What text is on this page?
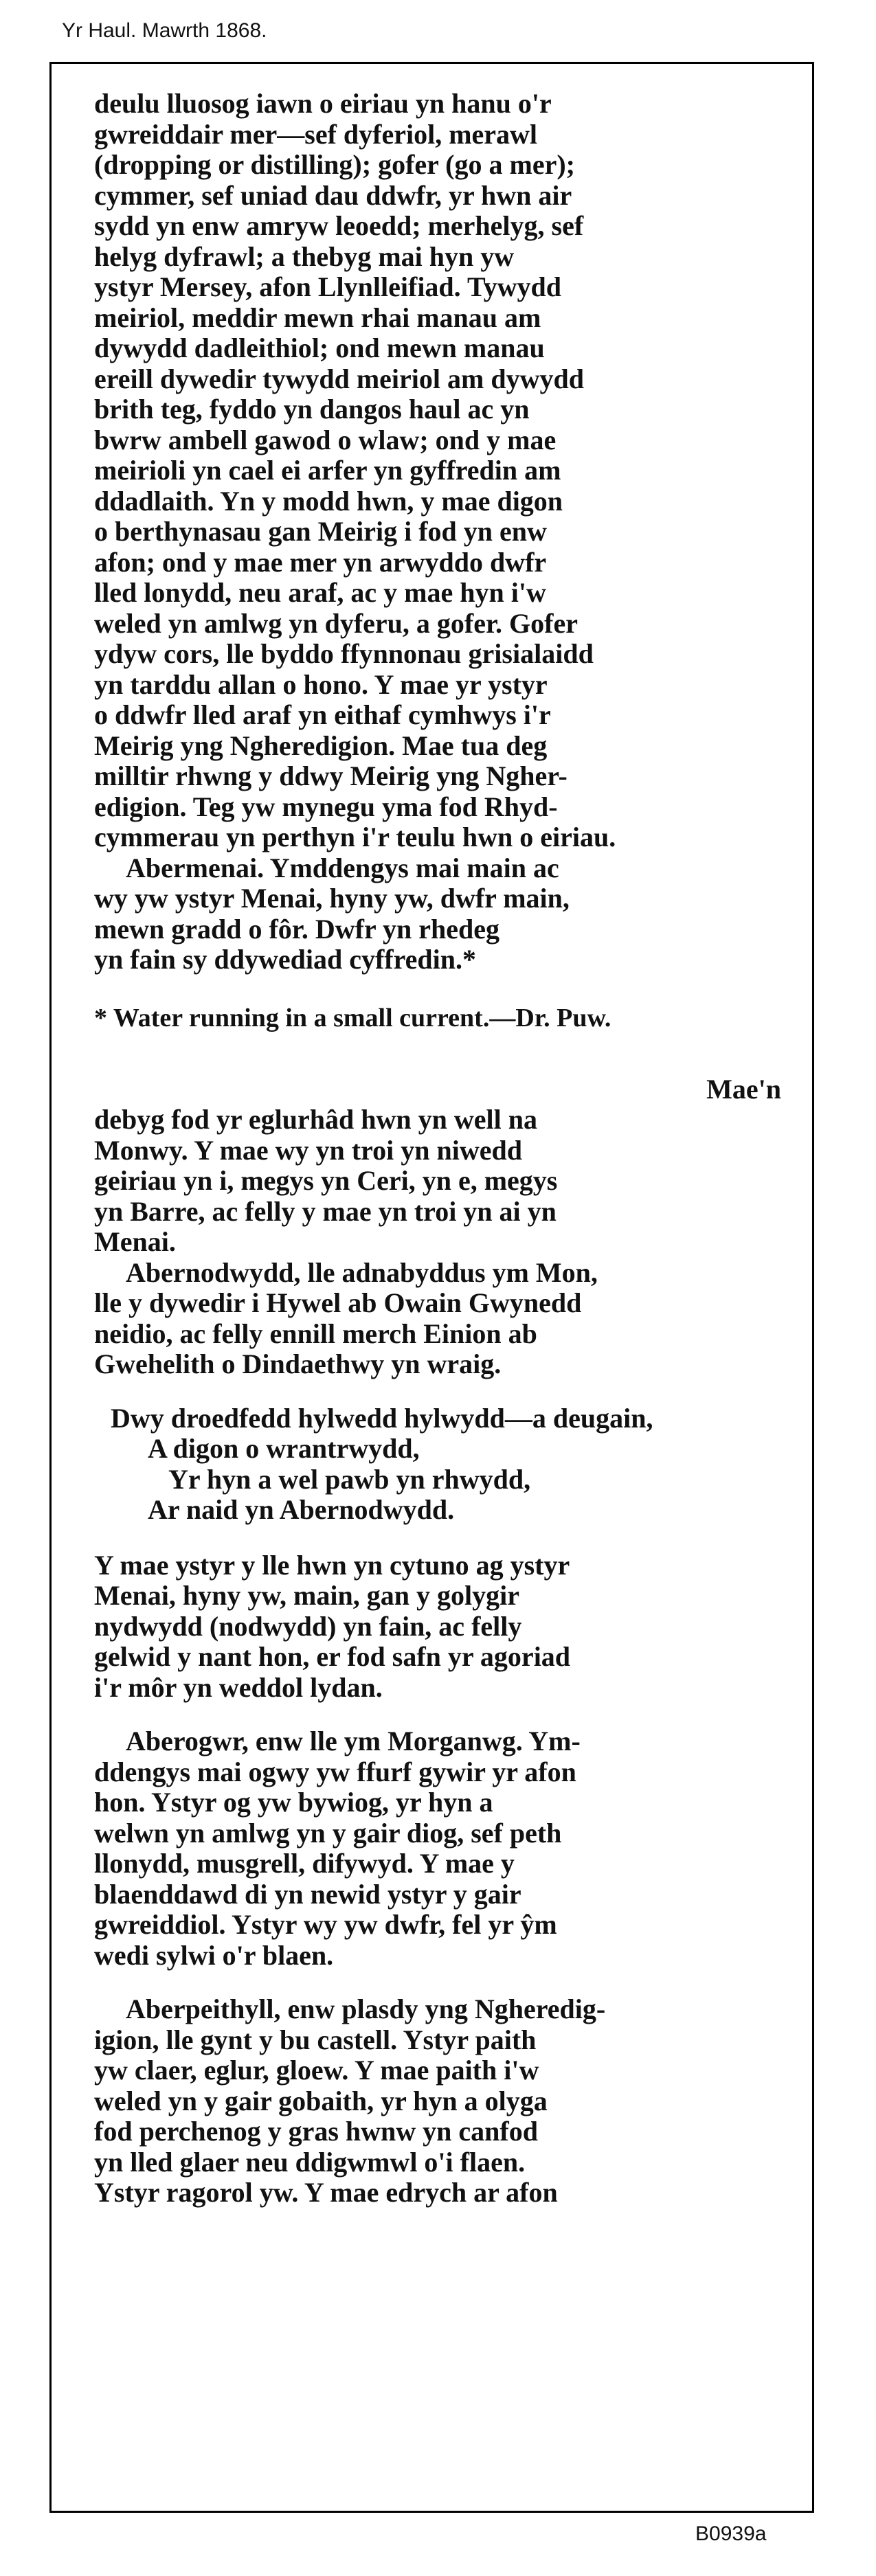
Yr Haul. Mawrth 1868.

deulu lluosog iawn o eiriau yn hanu o'r

gwreiddair mer—sef dyferiol, merawl

(dropping or distilling); gofer (go a mer);

cymmer, sef uniad dau ddwfr, yr hwn air

sydd yn enw amryw leoedd; merhelyg, sef

helyg dyfrawl; a thebyg mai hyn yw

ystyr Mersey, afon Llynlleifiad. Tywydd

meiriol, meddir mewn rhai manau am

dywydd dadleithiol; ond mewn manau

ereill dywedir tywydd meiriol am dywydd

brith teg, fyddo yn dangos haul ac yn

bwrw ambell gawod o wlaw; ond y mae

meirioli yn cael ei arfer yn gyffredin am

ddadlaith. Yn y modd hwn, y mae digon

o berthynasau gan Meirig i fod yn enw

afon; ond y mae mer yn arwyddo dwfr

lled lonydd, neu araf, ac y mae hyn i'w

weled yn amlwg yn dyferu, a gofer. Gofer

ydyw cors, lle byddo ffynnonau grisialaidd

yn tarddu allan o hono. Y mae yr ystyr

o ddwfr lled araf yn eithaf cymhwys i'r

Meirig yng Ngheredigion. Mae tua deg

milltir rhwng y ddwy Meirig yng Ngher-

edigion. Teg yw mynegu yma fod Rhyd-

cymmerau yn perthyn i'r teulu hwn o eiriau.

Abermenai. Ymddengys mai main ac

wy yw ystyr Menai, hyny yw, dwfr main,

mewn gradd o fôr. Dwfr yn rhedeg

yn fain sy ddywediad cyffredin.*

* Water running in a small current.—Dr. Puw.

Mae'n

debyg fod yr eglurhâd hwn yn well na

Monwy. Y mae wy yn troi yn niwedd

geiriau yn i, megys yn Ceri, yn e, megys

yn Barre, ac felly y mae yn troi yn ai yn

Menai.

Abernodwydd, lle adnabyddus ym Mon,

lle y dywedir i Hywel ab Owain Gwynedd

neidio, ac felly ennill merch Einion ab

Gwehelith o Dindaethwy yn wraig.

Dwy droedfedd hylwedd hylwydd—a deugain,

A digon o wrantrwydd,

Yr hyn a wel pawb yn rhwydd,

Ar naid yn Abernodwydd.

Y mae ystyr y lle hwn yn cytuno ag ystyr

Menai, hyny yw, main, gan y golygir

nydwydd (nodwydd) yn fain, ac felly

gelwid y nant hon, er fod safn yr agoriad

i'r môr yn weddol lydan.

Aberogwr, enw lle ym Morganwg. Ym-

ddengys mai ogwy yw ffurf gywir yr afon

hon. Ystyr og yw bywiog, yr hyn a

welwn yn amlwg yn y gair diog, sef peth

llonydd, musgrell, difywyd. Y mae y

blaenddawd di yn newid ystyr y gair

gwreiddiol. Ystyr wy yw dwfr, fel yr ŷm

wedi sylwi o'r blaen.

Aberpeithyll, enw plasdy yng Ngheredig-

igion, lle gynt y bu castell. Ystyr paith

yw claer, eglur, gloew. Y mae paith i'w

weled yn y gair gobaith, yr hyn a olyga

fod perchenog y gras hwnw yn canfod

yn lled glaer neu ddigwmwl o'i flaen.

Ystyr ragorol yw. Y mae edrych ar afon

B0939a
